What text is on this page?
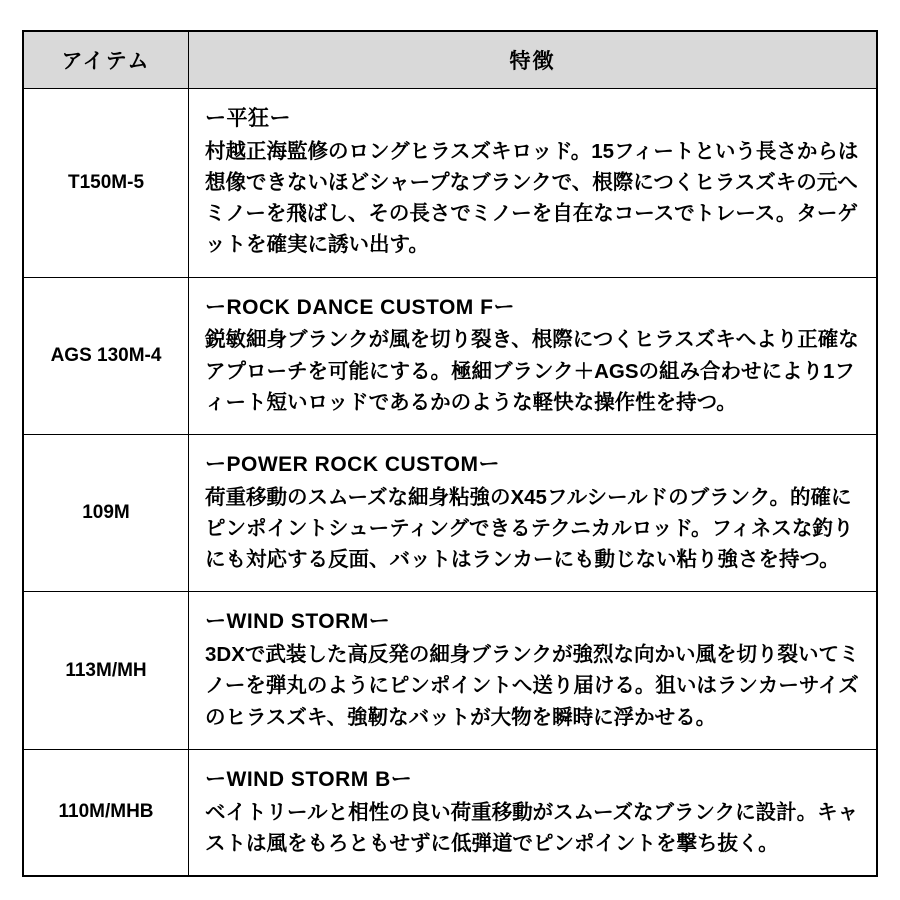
アイテム	特徴
T150M-5	ー平狂ー
村越正海監修のロングヒラスズキロッド。15フィートという長さからは想像できないほどシャープなブランクで、根際につくヒラスズキの元へミノーを飛ばし、その長さでミノーを自在なコースでトレース。ターゲットを確実に誘い出す。

AGS 130M-4	ーROCK DANCE CUSTOM Fー
鋭敏細身ブランクが風を切り裂き、根際につくヒラスズキへより正確なアプローチを可能にする。極細ブランク＋AGSの組み合わせにより1フィート短いロッドであるかのような軽快な操作性を持つ。

109M	ーPOWER ROCK CUSTOMー
荷重移動のスムーズな細身粘強のX45フルシールドのブランク。的確にピンポイントシューティングできるテクニカルロッド。フィネスな釣りにも対応する反面、バットはランカーにも動じない粘り強さを持つ。

113M/MH	ーWIND STORMー
3DXで武装した高反発の細身ブランクが強烈な向かい風を切り裂いてミノーを弾丸のようにピンポイントへ送り届ける。狙いはランカーサイズのヒラスズキ、強靭なバットが大物を瞬時に浮かせる。

110M/MHB	ーWIND STORM Bー
ベイトリールと相性の良い荷重移動がスムーズなブランクに設計。キャストは風をもろともせずに低弾道でピンポイントを撃ち抜く。
